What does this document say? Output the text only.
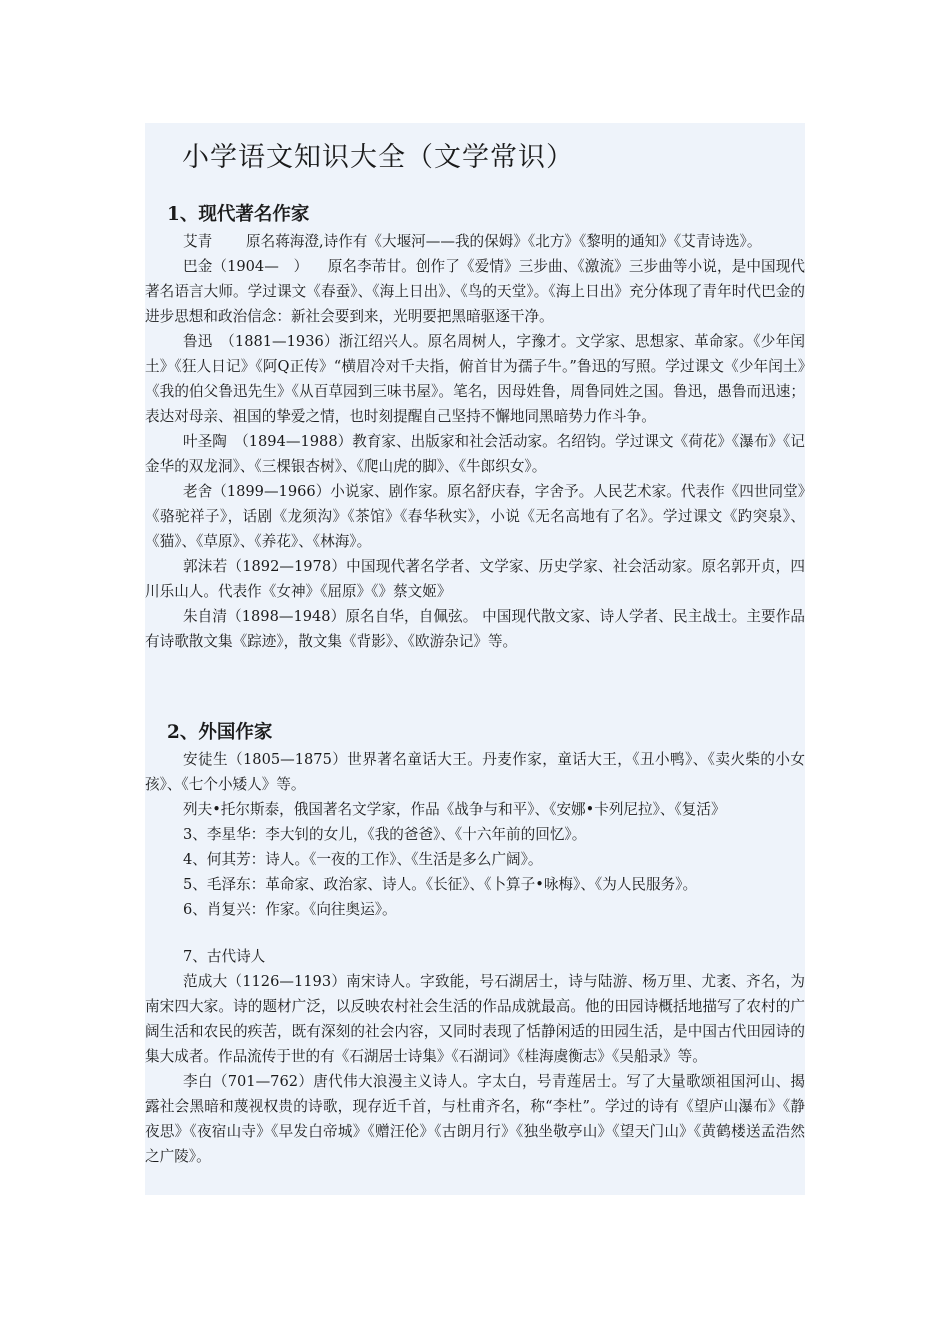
小学语文知识大全（文学常识）
1、现代著名作家

艾青　　 原名蒋海澄,诗作有《大堰河——我的保姆》《北方》《黎明的通知》《艾青诗选》。

巴金（1904—　） 　原名李芾甘。创作了《爱情》三步曲、《激流》三步曲等小说，是中国现代著名语言大师。学过课文《春蚕》、《海上日出》、《鸟的天堂》。《海上日出》充分体现了青年时代巴金的进步思想和政治信念：新社会要到来，光明要把黑暗驱逐干净。

鲁迅　（1881—1936）浙江绍兴人。原名周树人，字豫才。文学家、思想家、革命家。《少年闰土》《狂人日记》《阿Q正传》“横眉冷对千夫指，俯首甘为孺子牛。”鲁迅的写照。学过课文《少年闰土》《我的伯父鲁迅先生》《从百草园到三味书屋》。笔名，因母姓鲁，周鲁同姓之国。鲁迅，愚鲁而迅速；表达对母亲、祖国的挚爱之情，也时刻提醒自己坚持不懈地同黑暗势力作斗争。

叶圣陶　（1894—1988）教育家、出版家和社会活动家。名绍钧。学过课文《荷花》《瀑布》《记金华的双龙洞》、《三棵银杏树》、《爬山虎的脚》、《牛郎织女》。

老舍（1899—1966）小说家、剧作家。原名舒庆春，字舍予。人民艺术家。代表作《四世同堂》《骆驼祥子》，话剧《龙须沟》《茶馆》《春华秋实》，小说《无名高地有了名》。学过课文《趵突泉》、《猫》、《草原》、《养花》、《林海》。

郭沫若（1892—1978）中国现代著名学者、文学家、历史学家、社会活动家。原名郭开贞，四川乐山人。代表作《女神》《屈原》《》蔡文姬》

朱自清（1898—1948）原名自华，自佩弦。 中国现代散文家、诗人学者、民主战士。主要作品有诗歌散文集《踪迹》，散文集《背影》、《欧游杂记》等。

2、外国作家

安徒生（1805—1875）世界著名童话大王。丹麦作家，童话大王，《丑小鸭》、《卖火柴的小女孩》、《七个小矮人》等。

列夫•托尔斯泰，俄国著名文学家，作品《战争与和平》、《安娜•卡列尼拉》、《复活》

3、李星华：李大钊的女儿，《我的爸爸》、《十六年前的回忆》。

4、何其芳：诗人。《一夜的工作》、《生活是多么广阔》。

5、毛泽东：革命家、政治家、诗人。《长征》、《卜算子•咏梅》、《为人民服务》。

6、肖复兴：作家。《向往奥运》。

7、古代诗人

范成大（1126—1193）南宋诗人。字致能，号石湖居士，诗与陆游、杨万里、尤袤、齐名，为南宋四大家。诗的题材广泛，以反映农村社会生活的作品成就最高。他的田园诗概括地描写了农村的广阔生活和农民的疾苦，既有深刻的社会内容，又同时表现了恬静闲适的田园生活，是中国古代田园诗的集大成者。作品流传于世的有《石湖居士诗集》《石湖词》《桂海虞衡志》《吴船录》等。

李白（701—762）唐代伟大浪漫主义诗人。字太白，号青莲居士。写了大量歌颂祖国河山、揭露社会黑暗和蔑视权贵的诗歌，现存近千首，与杜甫齐名，称“李杜”。学过的诗有《望庐山瀑布》《静夜思》《夜宿山寺》《早发白帝城》《赠汪伦》《古朗月行》《独坐敬亭山》《望天门山》《黄鹤楼送孟浩然之广陵》。
